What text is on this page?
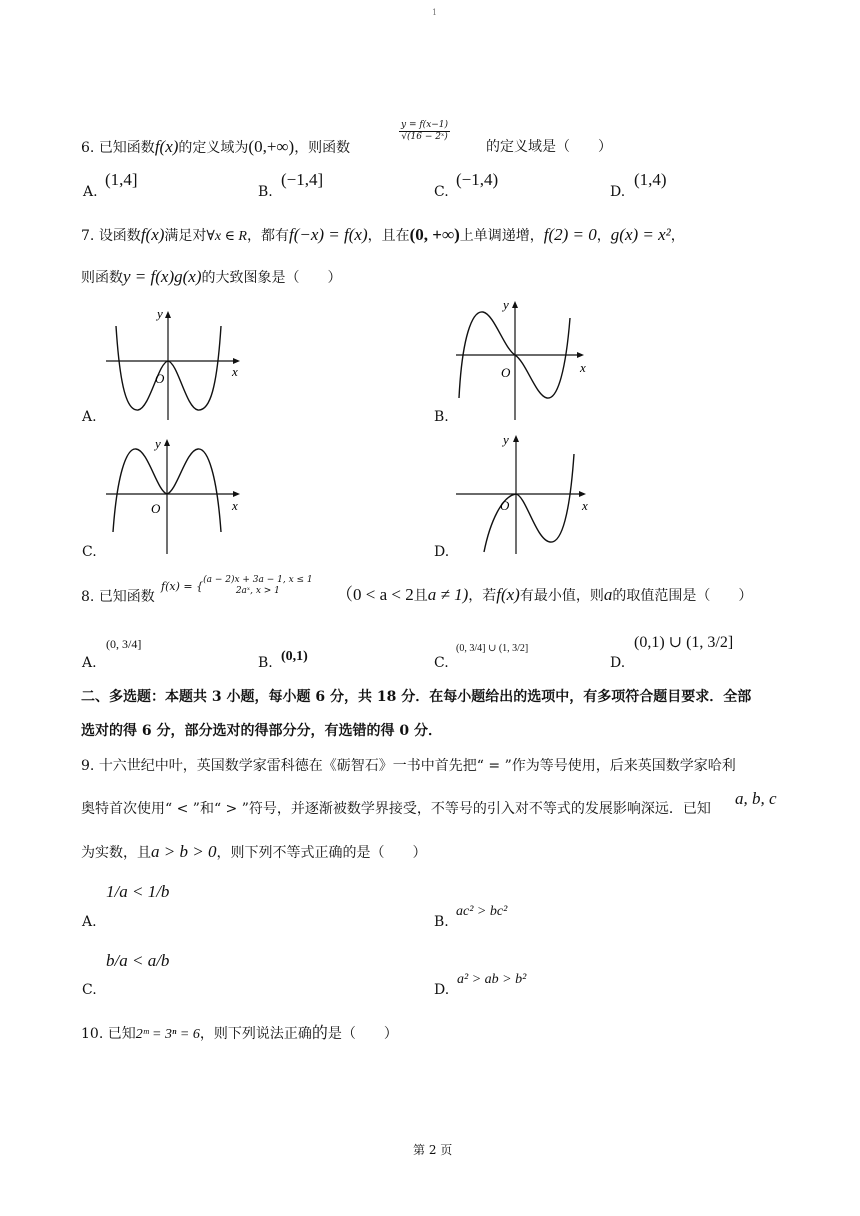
1
6. 已知函数f(x)的定义域为(0,+∞)，则函数
$\frac{y = f(x-1)}{\text{√(16 − 2ˣ)}}$
的定义域是（　　）
A.
(1,4]
B.
(−1,4]
C.
(−1,4)
D.
(1,4)
7. 设函数f(x)满足对∀x ∈ R，都有f(−x) = f(x)，且在(0, +∞)上单调递增，f(2) = 0，g(x) = x²，
则函数y = f(x)g(x)的大致图象是（　　）
y
x
O
A.
y
x
O
B.
y
x
O
C.
y
x
O
D.
8. 已知函数
f(x) = { (a − 2)x + 3a − 1, x ≤ 1
2aˣ, x > 1	（0 < a < 2且a ≠ 1)，若f(x)有最小值，则a的取值范围是（　　）
A.
(0, 3/4]
B. (0,1)	C.
(0, 3/4] ∪ (1, 3/2]
D.
(0,1) ∪ (1, 3/2]
二、多选题：本题共 3 小题，每小题 6 分，共 18 分．在每小题给出的选项中，有多项符合题目要求．全部
选对的得 6 分，部分选对的得部分分，有选错的得 0 分．
9. 十六世纪中叶，英国数学家雷科德在《砺智石》一书中首先把“ = ”作为等号使用，后来英国数学家哈利
奥特首次使用“ < ”和“ > ”符号，并逐渐被数学界接受，不等号的引入对不等式的发展影响深远．已知
a, b, c
为实数，且a > b > 0，则下列不等式正确的是（　　）
A.
1/a < 1/b
B.
ac² > bc²
C.
b/a < a/b
D.
a² > ab > b²
10. 已知2ᵐ = 3ⁿ = 6，则下列说法正确的是（　　）
第 2 页
